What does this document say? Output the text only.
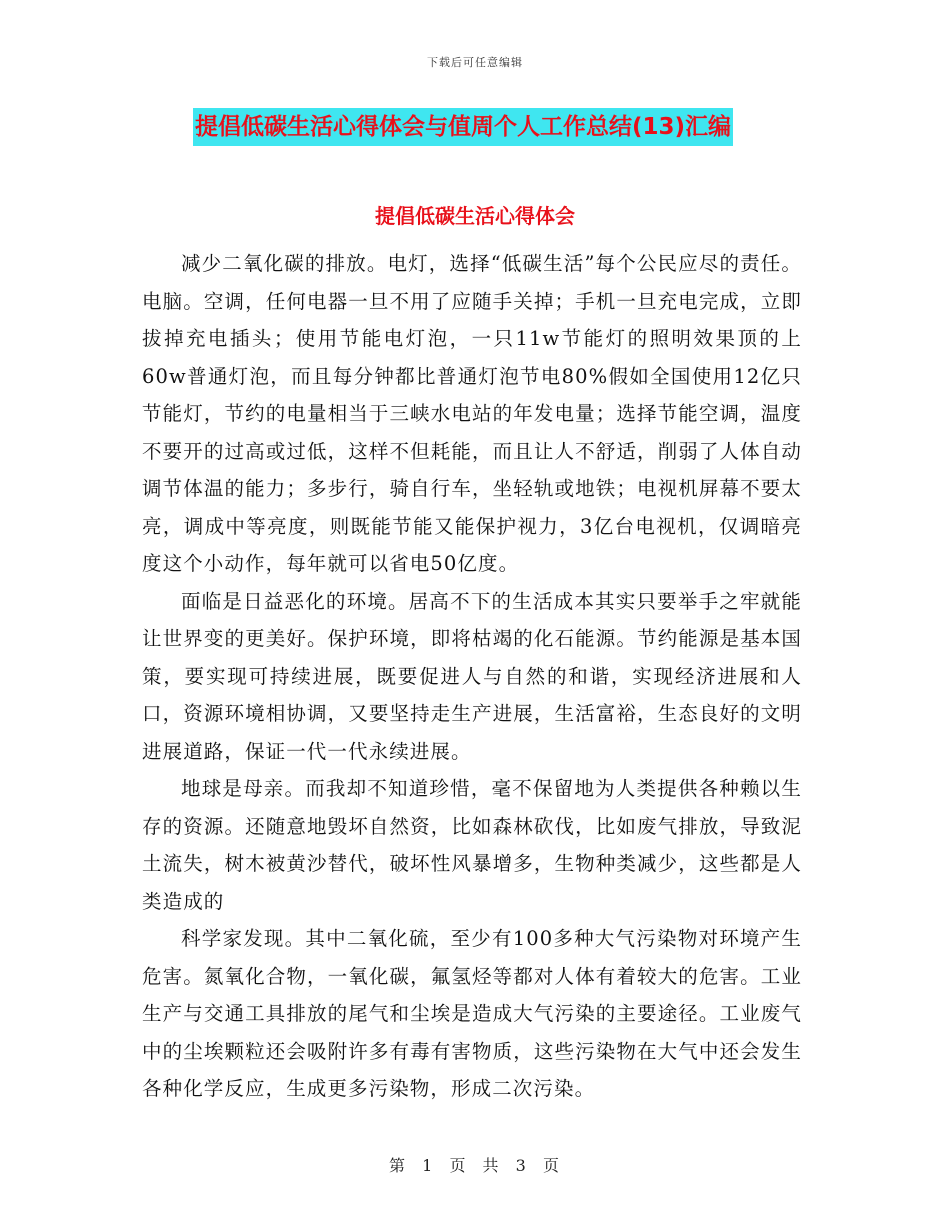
下载后可任意编辑
提倡低碳生活心得体会与值周个人工作总结(13)汇编
提倡低碳生活心得体会

减少二氧化碳的排放。电灯，选择“低碳生活”每个公民应尽的责任。电脑。空调，任何电器一旦不用了应随手关掉；手机一旦充电完成，立即拔掉充电插头；使用节能电灯泡，一只11w节能灯的照明效果顶的上60w普通灯泡，而且每分钟都比普通灯泡节电80%假如全国使用12亿只节能灯，节约的电量相当于三峡水电站的年发电量；选择节能空调，温度不要开的过高或过低，这样不但耗能，而且让人不舒适，削弱了人体自动调节体温的能力；多步行，骑自行车，坐轻轨或地铁；电视机屏幕不要太亮，调成中等亮度，则既能节能又能保护视力，3亿台电视机，仅调暗亮度这个小动作，每年就可以省电50亿度。

面临是日益恶化的环境。居高不下的生活成本其实只要举手之牢就能让世界变的更美好。保护环境，即将枯竭的化石能源。节约能源是基本国策，要实现可持续进展，既要促进人与自然的和谐，实现经济进展和人口，资源环境相协调，又要坚持走生产进展，生活富裕，生态良好的文明进展道路，保证一代一代永续进展。

地球是母亲。而我却不知道珍惜，毫不保留地为人类提供各种赖以生存的资源。还随意地毁坏自然资，比如森林砍伐，比如废气排放，导致泥土流失，树木被黄沙替代，破坏性风暴增多，生物种类减少，这些都是人类造成的

科学家发现。其中二氧化硫，至少有100多种大气污染物对环境产生危害。氮氧化合物，一氧化碳，氟氢烃等都对人体有着较大的危害。工业生产与交通工具排放的尾气和尘埃是造成大气污染的主要途径。工业废气中的尘埃颗粒还会吸附许多有毒有害物质，这些污染物在大气中还会发生各种化学反应，生成更多污染物，形成二次污染。

第 1 页 共 3 页
